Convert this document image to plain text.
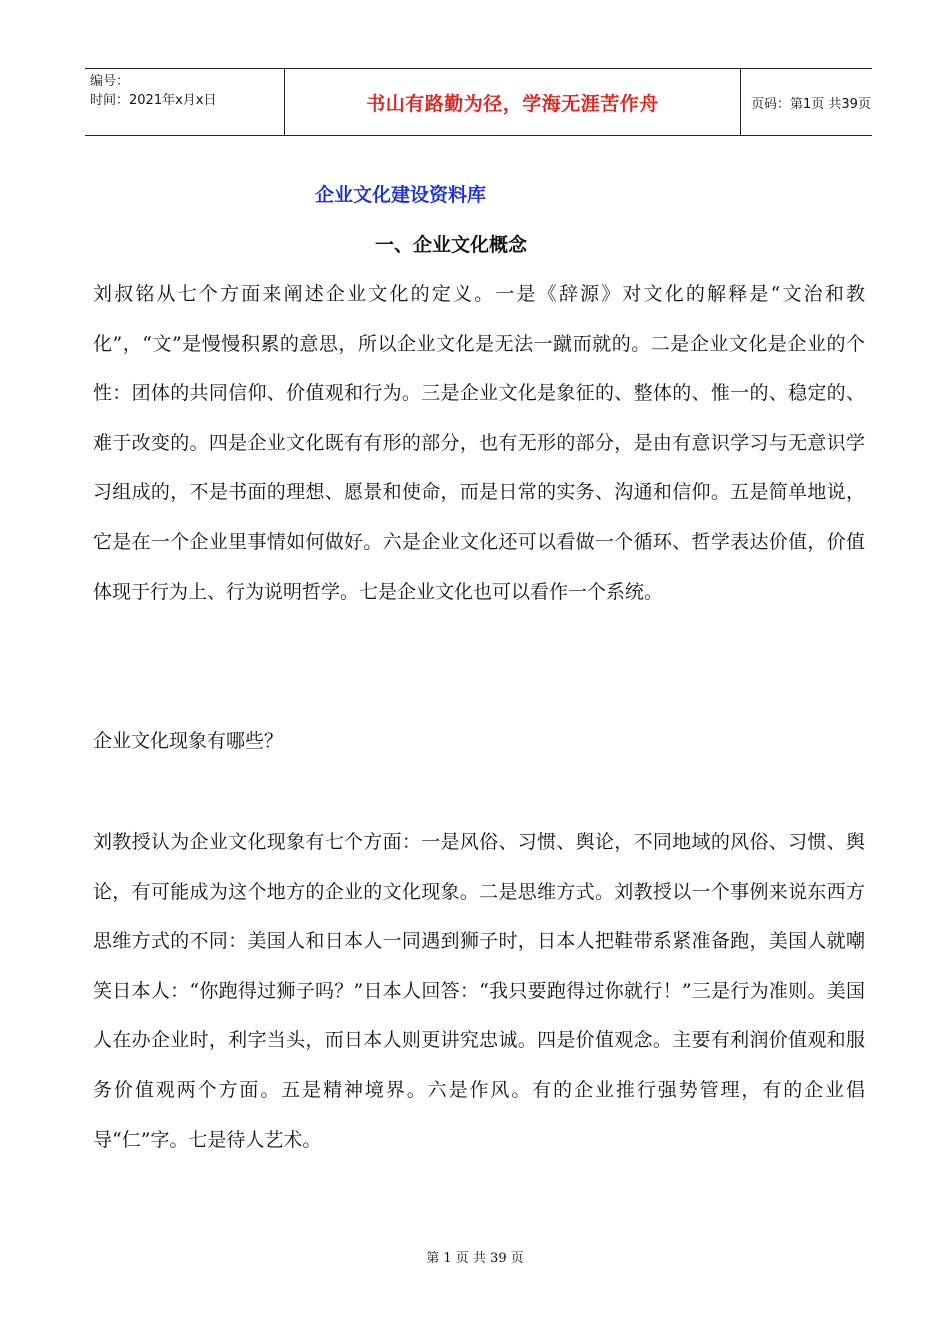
编号：
时间：2021年x月x日	书山有路勤为径，学海无涯苦作舟	页码：第1页 共39页
企业文化建设资料库
一、企业文化概念
刘叔铭从七个方面来阐述企业文化的定义。一是《辞源》对文化的解释是“文治和教化”，“文”是慢慢积累的意思，所以企业文化是无法一蹴而就的。二是企业文化是企业的个性：团体的共同信仰、价值观和行为。三是企业文化是象征的、整体的、惟一的、稳定的、难于改变的。四是企业文化既有有形的部分，也有无形的部分，是由有意识学习与无意识学习组成的，不是书面的理想、愿景和使命，而是日常的实务、沟通和信仰。五是简单地说，它是在一个企业里事情如何做好。六是企业文化还可以看做一个循环、哲学表达价值，价值体现于行为上、行为说明哲学。七是企业文化也可以看作一个系统。
企业文化现象有哪些？
刘教授认为企业文化现象有七个方面：一是风俗、习惯、舆论，不同地域的风俗、习惯、舆论，有可能成为这个地方的企业的文化现象。二是思维方式。刘教授以一个事例来说东西方思维方式的不同：美国人和日本人一同遇到狮子时，日本人把鞋带系紧准备跑，美国人就嘲笑日本人：“你跑得过狮子吗？”日本人回答：“我只要跑得过你就行！”三是行为准则。美国人在办企业时，利字当头，而日本人则更讲究忠诚。四是价值观念。主要有利润价值观和服务价值观两个方面。五是精神境界。六是作风。有的企业推行强势管理，有的企业倡导“仁”字。七是待人艺术。
第 1 页 共 39 页
